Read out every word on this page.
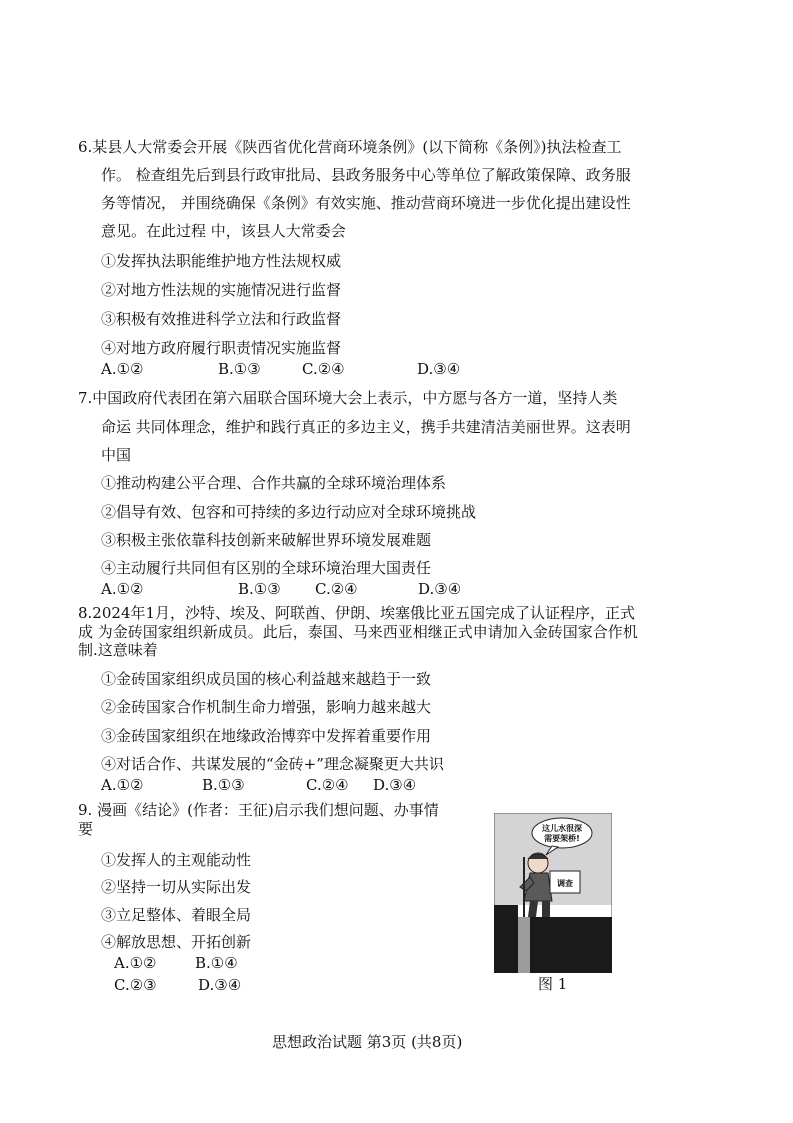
6.某县人大常委会开展《陕西省优化营商环境条例》(以下简称《条例》)执法检查工
作。 检查组先后到县行政审批局、县政务服务中心等单位了解政策保障、政务服
务等情况， 并围绕确保《条例》有效实施、推动营商环境进一步优化提出建设性
意见。在此过程 中，该县人大常委会
①发挥执法职能维护地方性法规权威
②对地方性法规的实施情况进行监督
③积极有效推进科学立法和行政监督
④对地方政府履行职责情况实施监督
A.①②	B.①③	C.②④	D.③④
7.中国政府代表团在第六届联合国环境大会上表示，中方愿与各方一道，坚持人类
命运 共同体理念，维护和践行真正的多边主义，携手共建清洁美丽世界。这表明
中国
①推动构建公平合理、合作共赢的全球环境治理体系
②倡导有效、包容和可持续的多边行动应对全球环境挑战
③积极主张依靠科技创新来破解世界环境发展难题
④主动履行共同但有区别的全球环境治理大国责任
A.①②	B.①③ C.②④	D.③④
8.2024年1月，沙特、埃及、阿联酋、伊朗、埃塞俄比亚五国完成了认证程序，正式
成 为金砖国家组织新成员。此后，泰国、马来西亚相继正式申请加入金砖国家合作机
制.这意味着
①金砖国家组织成员国的核心利益越来越趋于一致
②金砖国家合作机制生命力增强，影响力越来越大
③金砖国家组织在地缘政治博弈中发挥着重要作用
④对话合作、共谋发展的“金砖+”理念凝聚更大共识
A.①②	B.①③	C.②④ D.③④
9. 漫画《结论》(作者：王征)启示我们想问题、办事情
要
①发挥人的主观能动性
②坚持一切从实际出发
③立足整体、着眼全局
④解放思想、开拓创新
A.①②	B.①④
C.②③	D.③④
这儿水很深
需要架桥!
调查
图 1
思想政治试题 第3页 (共8页)
